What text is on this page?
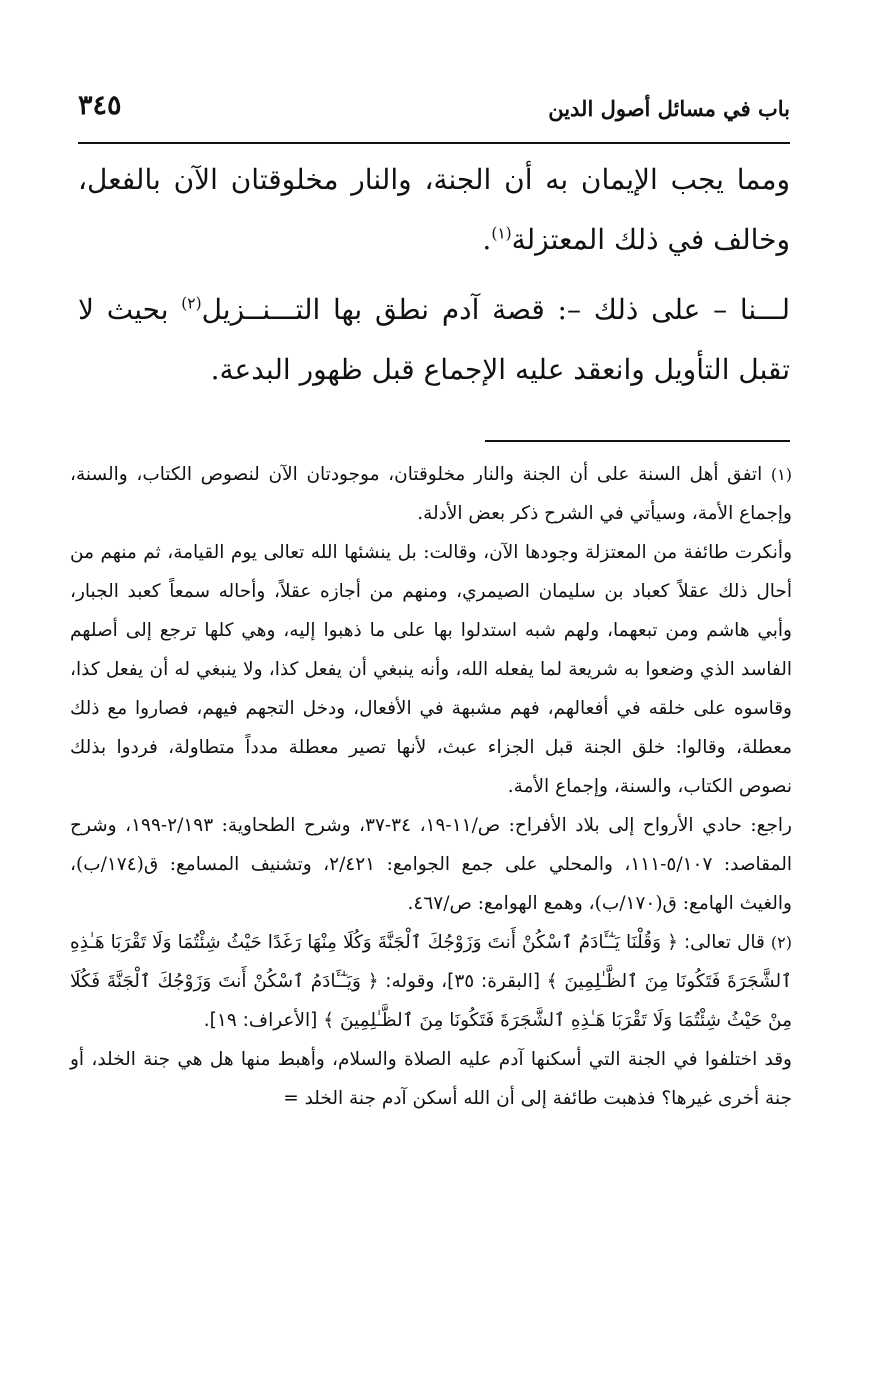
باب في مسائل أصول الدين
٣٤٥

ومما يجب الإيمان به أن الجنة، والنار مخلوقتان الآن بالفعل، وخالف في ذلك المعتزلة$^{(١)}$.

لـــنا – على ذلك –: قصة آدم نطق بها التـــنــزيل$^{(٢)}$ بحيث لا تقبل التأويل وانعقد عليه الإجماع قبل ظهور البدعة.

(١) اتفق أهل السنة على أن الجنة والنار مخلوقتان، موجودتان الآن لنصوص الكتاب، والسنة، وإجماع الأمة، وسيأتي في الشرح ذكر بعض الأدلة.

وأنكرت طائفة من المعتزلة وجودها الآن، وقالت: بل ينشئها الله تعالى يوم القيامة، ثم منهم من أحال ذلك عقلاً كعباد بن سليمان الصيمري، ومنهم من أجازه عقلاً، وأحاله سمعاً كعبد الجبار، وأبي هاشم ومن تبعهما، ولهم شبه استدلوا بها على ما ذهبوا إليه، وهي كلها ترجع إلى أصلهم الفاسد الذي وضعوا به شريعة لما يفعله الله، وأنه ينبغي أن يفعل كذا، ولا ينبغي له أن يفعل كذا، وقاسوه على خلقه في أفعالهم، فهم مشبهة في الأفعال، ودخل التجهم فيهم، فصاروا مع ذلك معطلة، وقالوا: خلق الجنة قبل الجزاء عبث، لأنها تصير معطلة مدداً متطاولة، فردوا بذلك نصوص الكتاب، والسنة، وإجماع الأمة.

راجع: حادي الأرواح إلى بلاد الأفراح: ص/١١-١٩، ٣٤-٣٧، وشرح الطحاوية: ٢/١٩٣-١٩٩، وشرح المقاصد: ٥/١٠٧-١١١، والمحلي على جمع الجوامع: ٢/٤٢١، وتشنيف المسامع: ق(١٧٤/ب)، والغيث الهامع: ق(١٧٠/ب)، وهمع الهوامع: ص/٤٦٧.

(٢) قال تعالى: ﴿ وَقُلْنَا يَـٰٓـَٔادَمُ ٱسْكُنْ أَنتَ وَزَوْجُكَ ٱلْجَنَّةَ وَكُلَا مِنْهَا رَغَدًا حَيْثُ شِئْتُمَا وَلَا تَقْرَبَا هَـٰذِهِ ٱلشَّجَرَةَ فَتَكُونَا مِنَ ٱلظَّـٰلِمِينَ ﴾ [البقرة: ٣٥]، وقوله: ﴿ وَيَـٰٓـَٔادَمُ ٱسْكُنْ أَنتَ وَزَوْجُكَ ٱلْجَنَّةَ فَكُلَا مِنْ حَيْثُ شِئْتُمَا وَلَا تَقْرَبَا هَـٰذِهِ ٱلشَّجَرَةَ فَتَكُونَا مِنَ ٱلظَّـٰلِمِينَ ﴾ [الأعراف: ١٩].

وقد اختلفوا في الجنة التي أسكنها آدم عليه الصلاة والسلام، وأهبط منها هل هي جنة الخلد، أو جنة أخرى غيرها؟ فذهبت طائفة إلى أن الله أسكن آدم جنة الخلد =
